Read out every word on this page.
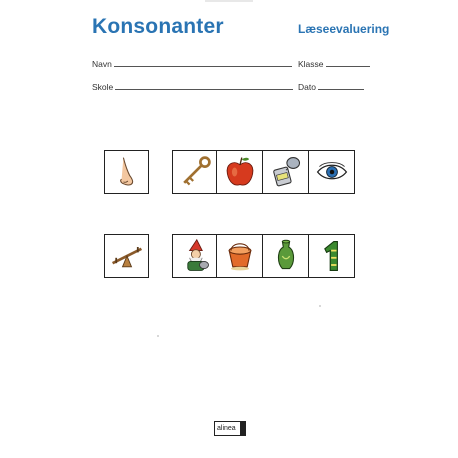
Konsonanter	Læseevaluering
Navn	Klasse
Skole	Dato
alinea
